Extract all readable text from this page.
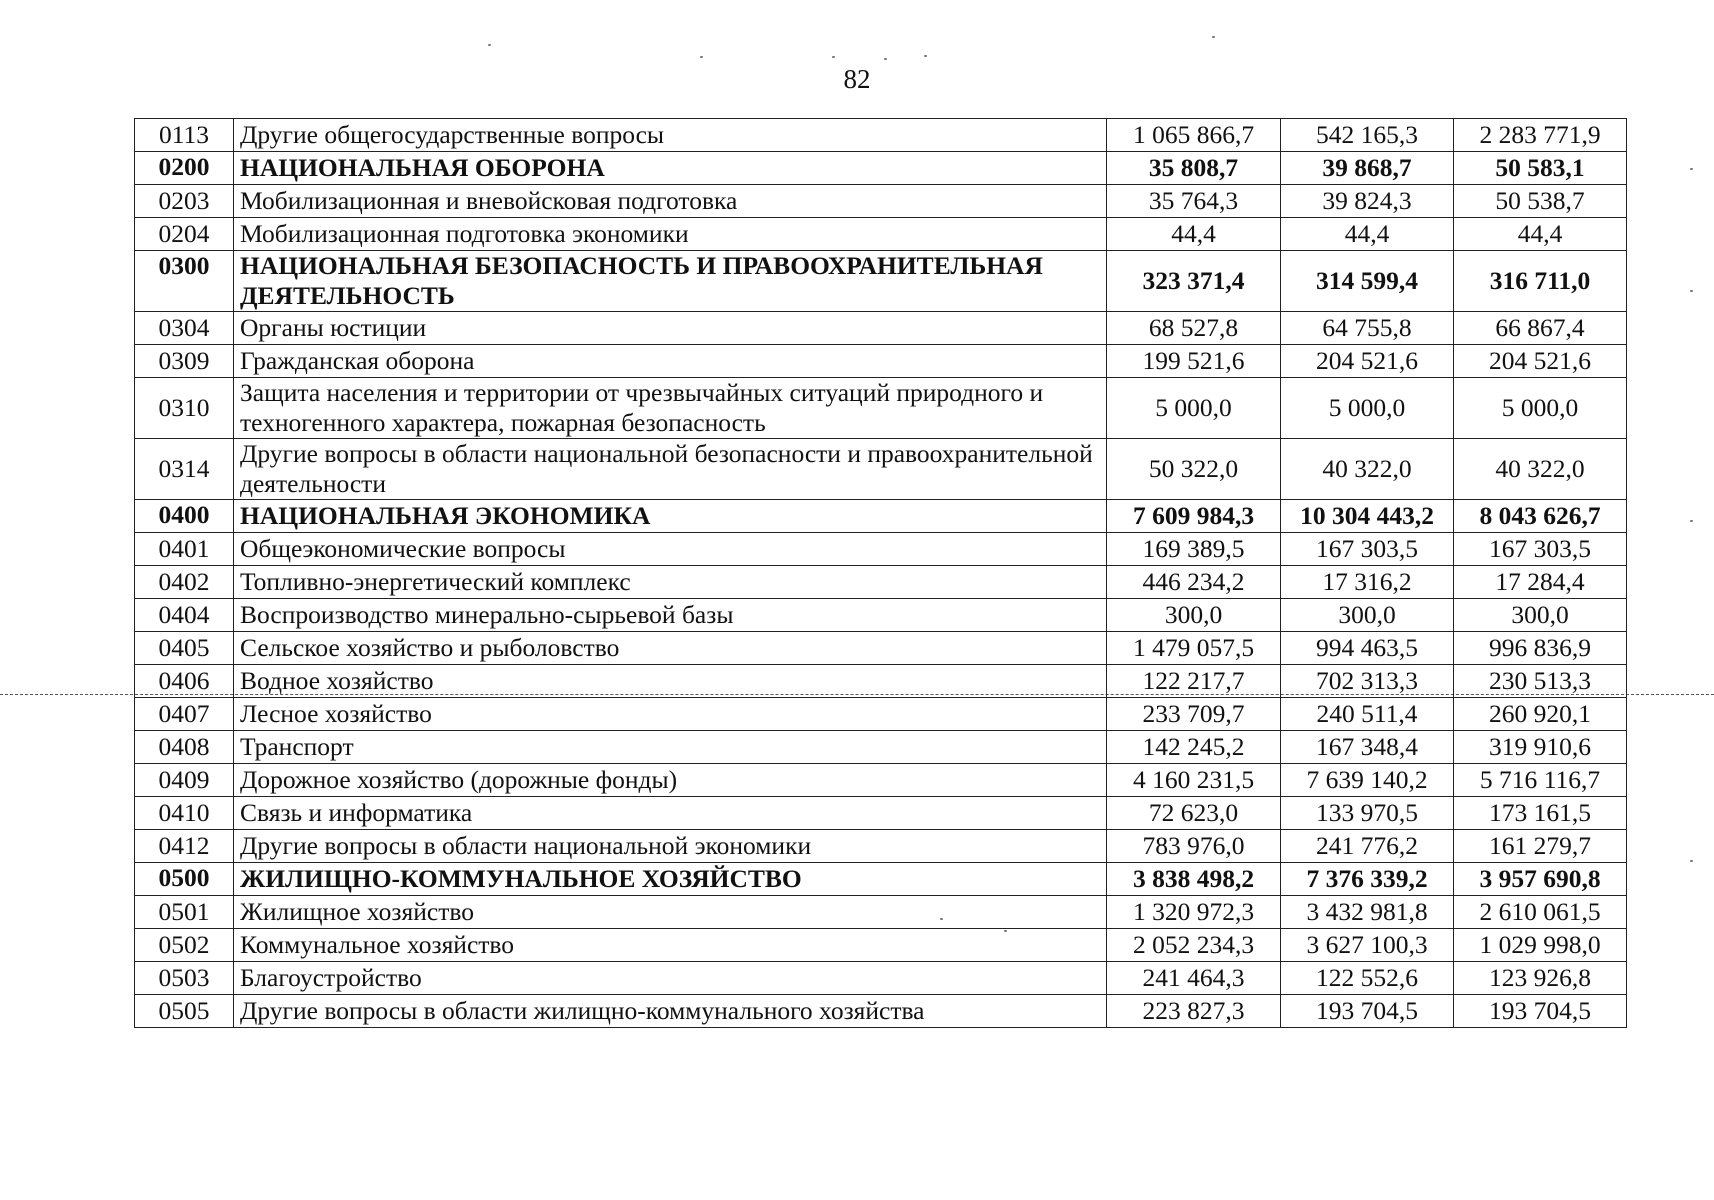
82
0113	Другие общегосударственные вопросы	1 065 866,7	542 165,3	2 283 771,9
0200	НАЦИОНАЛЬНАЯ ОБОРОНА	35 808,7	39 868,7	50 583,1
0203	Мобилизационная и вневойсковая подготовка	35 764,3	39 824,3	50 538,7
0204	Мобилизационная подготовка экономики	44,4	44,4	44,4
0300	НАЦИОНАЛЬНАЯ БЕЗОПАСНОСТЬ И ПРАВООХРАНИТЕЛЬНАЯ ДЕЯТЕЛЬНОСТЬ	323 371,4	314 599,4	316 711,0
0304	Органы юстиции	68 527,8	64 755,8	66 867,4
0309	Гражданская оборона	199 521,6	204 521,6	204 521,6
0310	Защита населения и территории от чрезвычайных ситуаций природного и техногенного характера, пожарная безопасность	5 000,0	5 000,0	5 000,0
0314	Другие вопросы в области национальной безопасности и правоохранительной деятельности	50 322,0	40 322,0	40 322,0
0400	НАЦИОНАЛЬНАЯ ЭКОНОМИКА	7 609 984,3	10 304 443,2	8 043 626,7
0401	Общеэкономические вопросы	169 389,5	167 303,5	167 303,5
0402	Топливно-энергетический комплекс	446 234,2	17 316,2	17 284,4
0404	Воспроизводство минерально-сырьевой базы	300,0	300,0	300,0
0405	Сельское хозяйство и рыболовство	1 479 057,5	994 463,5	996 836,9
0406	Водное хозяйство	122 217,7	702 313,3	230 513,3
0407	Лесное хозяйство	233 709,7	240 511,4	260 920,1
0408	Транспорт	142 245,2	167 348,4	319 910,6
0409	Дорожное хозяйство (дорожные фонды)	4 160 231,5	7 639 140,2	5 716 116,7
0410	Связь и информатика	72 623,0	133 970,5	173 161,5
0412	Другие вопросы в области национальной экономики	783 976,0	241 776,2	161 279,7
0500	ЖИЛИЩНО-КОММУНАЛЬНОЕ ХОЗЯЙСТВО	3 838 498,2	7 376 339,2	3 957 690,8
0501	Жилищное хозяйство	1 320 972,3	3 432 981,8	2 610 061,5
0502	Коммунальное хозяйство	2 052 234,3	3 627 100,3	1 029 998,0
0503	Благоустройство	241 464,3	122 552,6	123 926,8
0505	Другие вопросы в области жилищно-коммунального хозяйства	223 827,3	193 704,5	193 704,5
